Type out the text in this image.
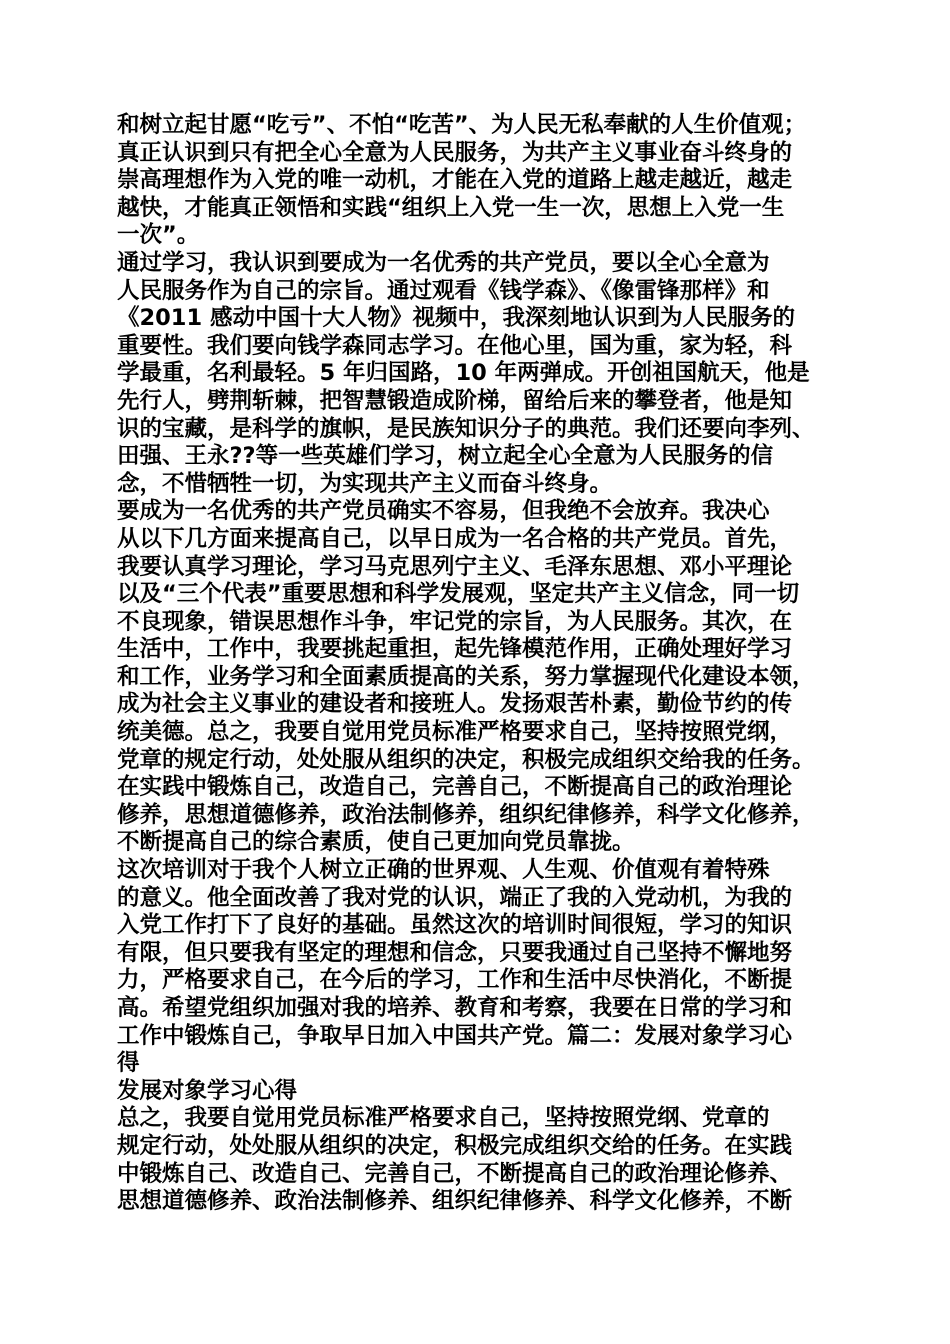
和树立起甘愿“吃亏”、不怕“吃苦”、为人民无私奉献的人生价值观；
真正认识到只有把全心全意为人民服务，为共产主义事业奋斗终身的
崇高理想作为入党的唯一动机，才能在入党的道路上越走越近，越走
越快，才能真正领悟和实践“组织上入党一生一次，思想上入党一生
一次”。
通过学习，我认识到要成为一名优秀的共产党员，要以全心全意为
人民服务作为自己的宗旨。通过观看《钱学森》、《像雷锋那样》和
《2011 感动中国十大人物》视频中，我深刻地认识到为人民服务的
重要性。我们要向钱学森同志学习。在他心里，国为重，家为轻，科
学最重，名利最轻。5 年归国路，10 年两弹成。开创祖国航天，他是
先行人，劈荆斩棘，把智慧锻造成阶梯，留给后来的攀登者，他是知
识的宝藏，是科学的旗帜，是民族知识分子的典范。我们还要向李列、
田强、王永??等一些英雄们学习，树立起全心全意为人民服务的信
念，不惜牺牲一切，为实现共产主义而奋斗终身。
要成为一名优秀的共产党员确实不容易，但我绝不会放弃。我决心
从以下几方面来提高自己，以早日成为一名合格的共产党员。首先，
我要认真学习理论，学习马克思列宁主义、毛泽东思想、邓小平理论
以及“三个代表”重要思想和科学发展观，坚定共产主义信念，同一切
不良现象，错误思想作斗争，牢记党的宗旨，为人民服务。其次，在
生活中，工作中，我要挑起重担，起先锋模范作用，正确处理好学习
和工作，业务学习和全面素质提高的关系，努力掌握现代化建设本领，
成为社会主义事业的建设者和接班人。发扬艰苦朴素，勤俭节约的传
统美德。总之，我要自觉用党员标准严格要求自己，坚持按照党纲，
党章的规定行动，处处服从组织的决定，积极完成组织交给我的任务。
在实践中锻炼自己，改造自己，完善自己，不断提高自己的政治理论
修养，思想道德修养，政治法制修养，组织纪律修养，科学文化修养，
不断提高自己的综合素质，使自己更加向党员靠拢。
这次培训对于我个人树立正确的世界观、人生观、价值观有着特殊
的意义。他全面改善了我对党的认识，端正了我的入党动机，为我的
入党工作打下了良好的基础。虽然这次的培训时间很短，学习的知识
有限，但只要我有坚定的理想和信念，只要我通过自己坚持不懈地努
力，严格要求自己，在今后的学习，工作和生活中尽快消化，不断提
高。希望党组织加强对我的培养、教育和考察，我要在日常的学习和
工作中锻炼自己，争取早日加入中国共产党。篇二：发展对象学习心
得
发展对象学习心得
总之，我要自觉用党员标准严格要求自己，坚持按照党纲、党章的
规定行动，处处服从组织的决定，积极完成组织交给的任务。在实践
中锻炼自己、改造自己、完善自己，不断提高自己的政治理论修养、
思想道德修养、政治法制修养、组织纪律修养、科学文化修养，不断
